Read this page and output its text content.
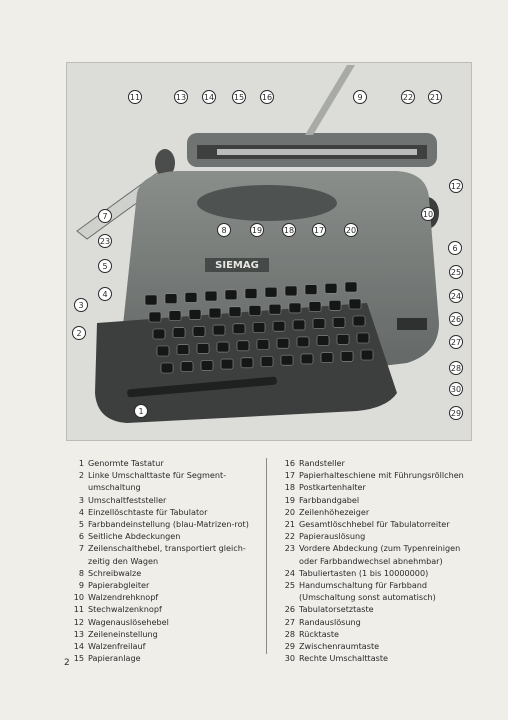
SIEMAG
1
2
3
4
5
6
7
8
9
10
11
12
13 14 15 16
17
18
19	20
21
22
23
24
25
26
27
28
29
30
1 Genormte Tastatur
2 Linke Umschalttaste für Segment-umschaltung
3 Umschaltfeststeller
4 Einzellöschtaste für Tabulator
5 Farbbandeinstellung (blau-Matrizen-rot)
6 Seitliche Abdeckungen
7 Zeilenschalthebel, transportiert gleich-zeitig den Wagen
8 Schreibwalze
9 Papierabgleiter
10 Walzendrehknopf
11 Stechwalzenknopf
12 Wagenauslösehebel
13 Zeileneinstellung
14 Walzenfreilauf
15 Papieranlage
16 Randsteller
17 Papierhalteschiene mit Führungsröllchen
18 Postkartenhalter
19 Farbbandgabel
20 Zeilenhöhezeiger
21 Gesamtlöschhebel für Tabulatorreiter
22 Papierauslösung
23 Vordere Abdeckung (zum Typenreinigen oder Farbbandwechsel abnehmbar)
24 Tabuliertasten (1 bis 10000000)
25 Handumschaltung für Farbband (Umschaltung sonst automatisch)
26 Tabulatorsetztaste
27 Randauslösung
28 Rücktaste
29 Zwischenraumtaste
30 Rechte Umschalttaste
2
